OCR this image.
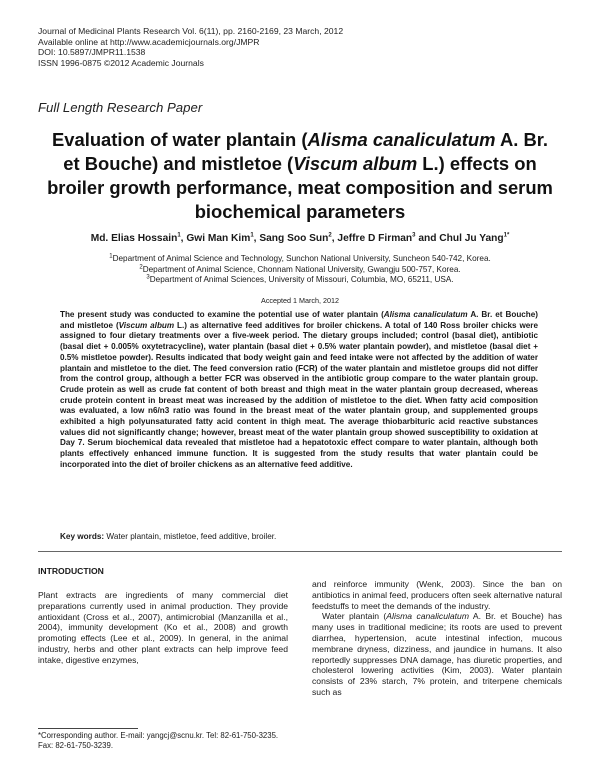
Journal of Medicinal Plants Research Vol. 6(11), pp. 2160-2169, 23 March, 2012
Available online at http://www.academicjournals.org/JMPR
DOI: 10.5897/JMPR11.1538
ISSN 1996-0875 ©2012 Academic Journals
Full Length Research Paper
Evaluation of water plantain (Alisma canaliculatum A. Br. et Bouche) and mistletoe (Viscum album L.) effects on broiler growth performance, meat composition and serum biochemical parameters
Md. Elias Hossain$^1$, Gwi Man Kim$^1$, Sang Soo Sun$^2$, Jeffre D Firman$^3$ and Chul Ju Yang$^{1*}$
$^1$Department of Animal Science and Technology, Sunchon National University, Suncheon 540-742, Korea.
$^2$Department of Animal Science, Chonnam National University, Gwangju 500-757, Korea.
$^3$Department of Animal Sciences, University of Missouri, Columbia, MO, 65211, USA.
Accepted 1 March, 2012
The present study was conducted to examine the potential use of water plantain (Alisma canaliculatum A. Br. et Bouche) and mistletoe (Viscum album L.) as alternative feed additives for broiler chickens. A total of 140 Ross broiler chicks were assigned to four dietary treatments over a five-week period. The dietary groups included; control (basal diet), antibiotic (basal diet + 0.005% oxytetracycline), water plantain (basal diet + 0.5% water plantain powder), and mistletoe (basal diet + 0.5% mistletoe powder). Results indicated that body weight gain and feed intake were not affected by the addition of water plantain and mistletoe to the diet. The feed conversion ratio (FCR) of the water plantain and mistletoe groups did not differ from the control group, although a better FCR was observed in the antibiotic group compare to the water plantain group. Crude protein as well as crude fat content of both breast and thigh meat in the water plantain group decreased, whereas crude protein content in breast meat was increased by the addition of mistletoe to the diet. When fatty acid composition was evaluated, a low n6/n3 ratio was found in the breast meat of the water plantain group, and supplemented groups exhibited a high polyunsaturated fatty acid content in thigh meat. The average thiobarbituric acid reactive substances values did not significantly change; however, breast meat of the water plantain group showed susceptibility to oxidation at Day 7. Serum biochemical data revealed that mistletoe had a hepatotoxic effect compare to water plantain, although both plants effectively enhanced immune function. It is suggested from the study results that water plantain could be incorporated into the diet of broiler chickens as an alternative feed additive.
Key words: Water plantain, mistletoe, feed additive, broiler.
INTRODUCTION

Plant extracts are ingredients of many commercial diet preparations currently used in animal production. They provide antioxidant (Cross et al., 2007), antimicrobial (Manzanilla et al., 2004), immunity development (Ko et al., 2008) and growth promoting effects (Lee et al., 2009). In general, in the animal industry, herbs and other plant extracts can help improve feed intake, digestive enzymes,

and reinforce immunity (Wenk, 2003). Since the ban on antibiotics in animal feed, producers often seek alternative natural feedstuffs to meet the demands of the industry.

Water plantain (Alisma canaliculatum A. Br. et Bouche) has many uses in traditional medicine; its roots are used to prevent diarrhea, hypertension, acute intestinal infection, mucous membrane dryness, dizziness, and jaundice in humans. It also reportedly suppresses DNA damage, has diuretic properties, and cholesterol lowering activities (Kim, 2003). Water plantain consists of 23% starch, 7% protein, and triterpene chemicals such as

*Corresponding author. E-mail: yangcj@scnu.kr. Tel: 82-61-750-3235. Fax: 82-61-750-3239.
